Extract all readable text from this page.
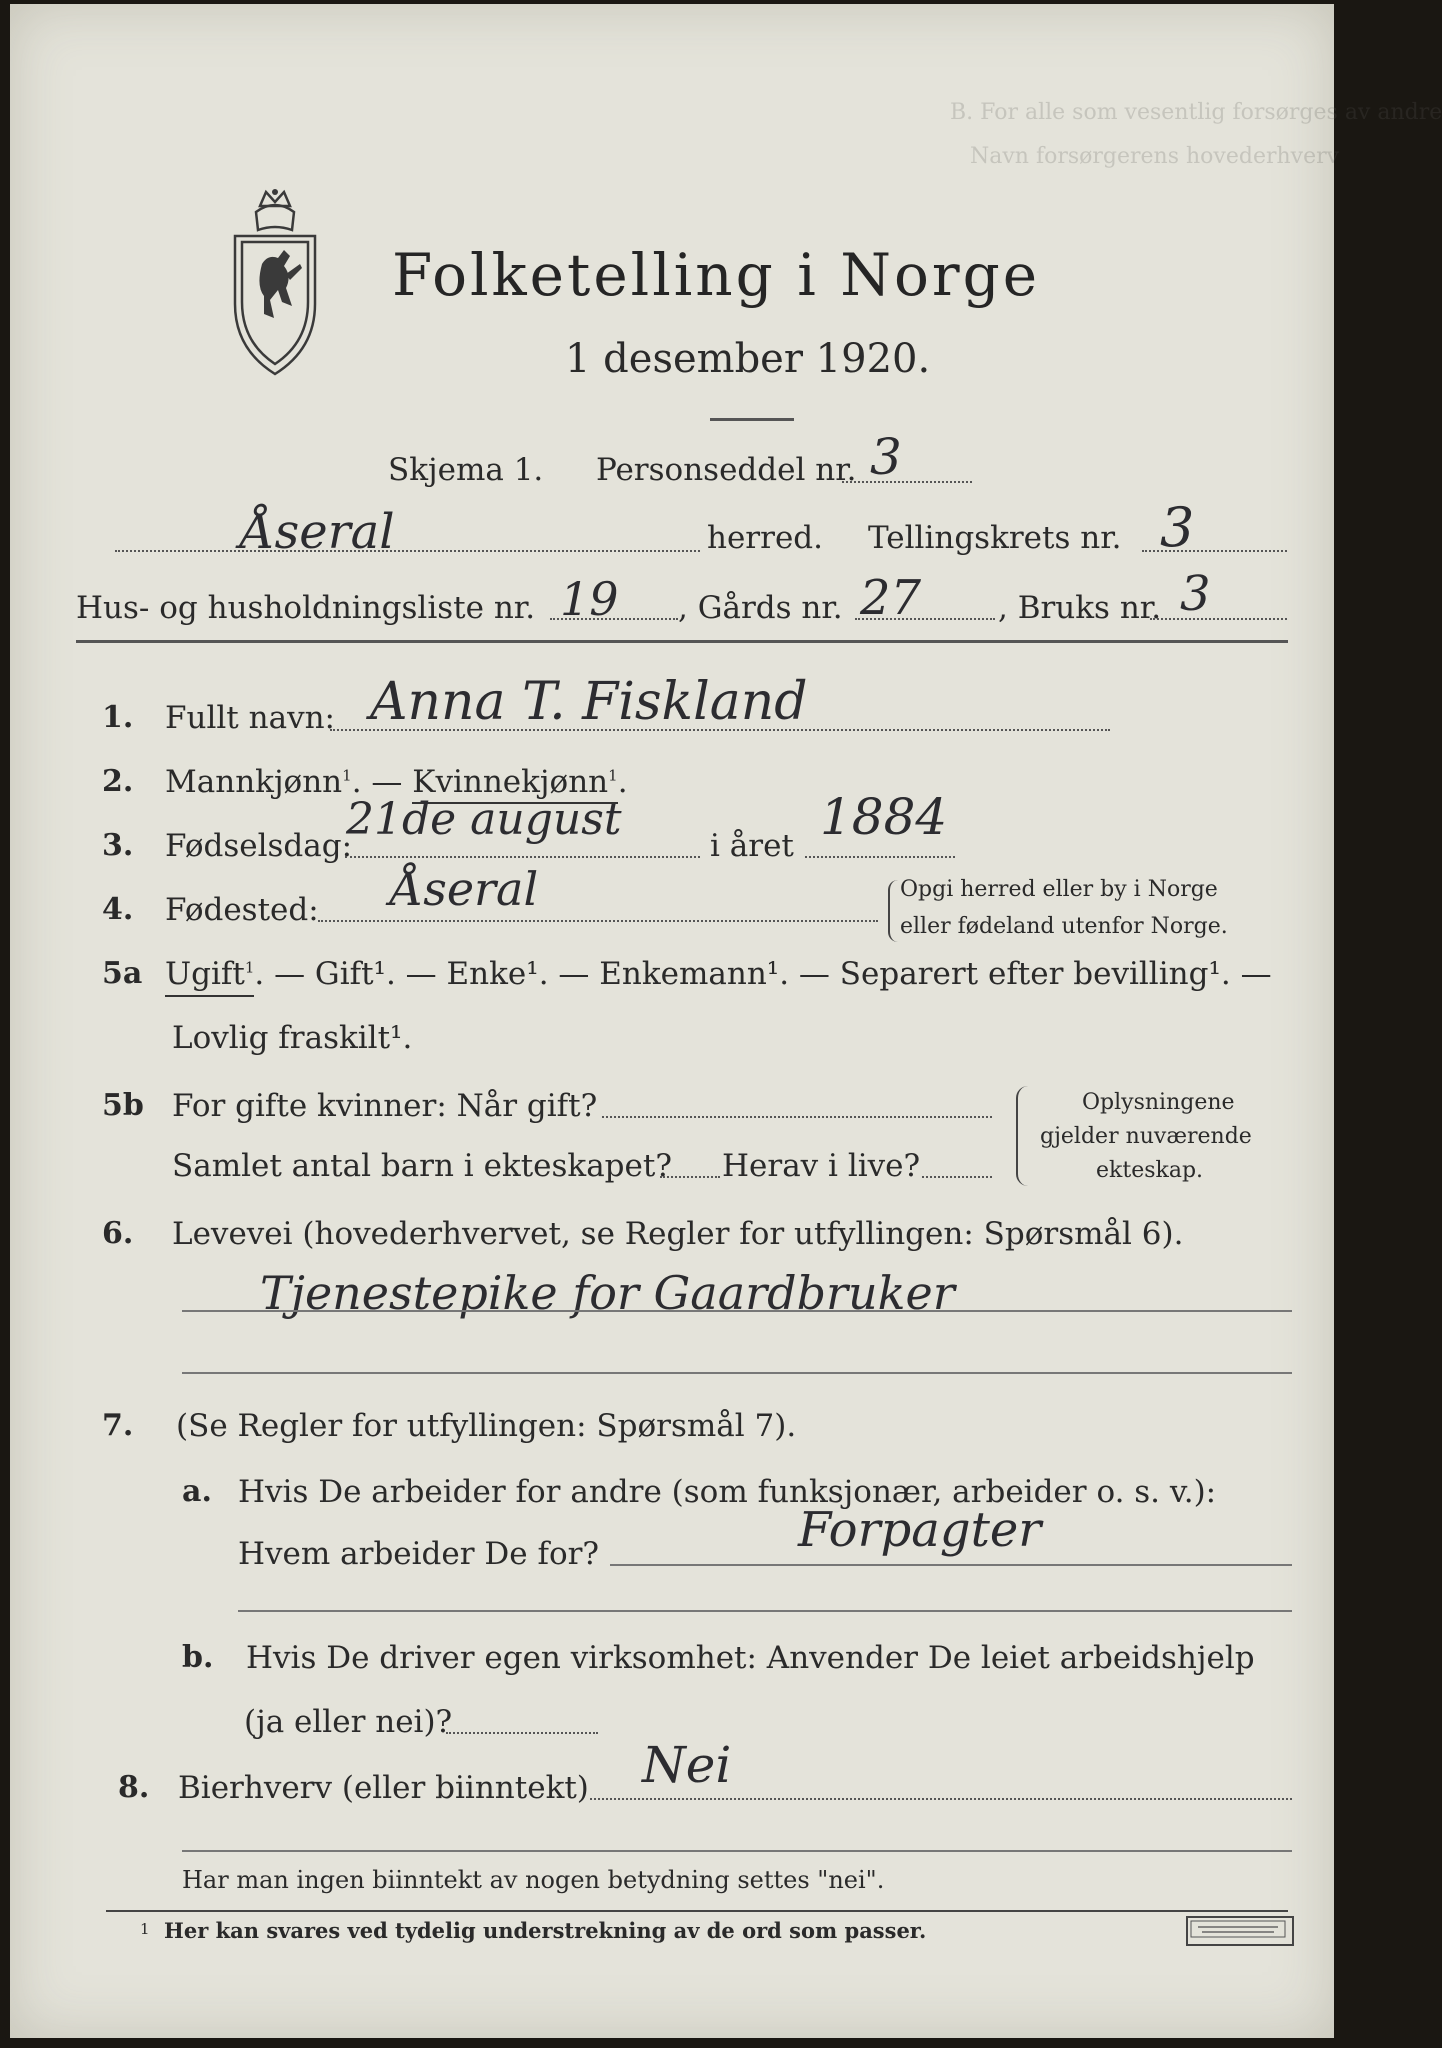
B. For alle som vesentlig forsørges av andre
Navn forsørgerens hovederhverv
Folketelling i Norge
1 desember 1920.
Skjema 1. Personseddel nr. 3
Åseral	herred. Tellingskrets nr. 3
Hus- og husholdningsliste nr. 19 , Gårds nr. 27 , Bruks nr. 3
1. Fullt navn: Anna T. Fiskland
2. Mannkjønn$^1$. — Kvinnekjønn$^1$.
3. Fødselsdag:
21de august
i året 1884
4. Fødested: Åseral	Opgi herred eller by i Norge
eller fødeland utenfor Norge.
5a Ugift$^1$. — Gift¹. — Enke¹. — Enkemann¹. — Separert efter bevilling¹. —
Lovlig fraskilt¹.
5b For gifte kvinner: Når gift?
Samlet antal barn i ekteskapet? Herav i live?
Oplysningene
gjelder nuværende
ekteskap.
6. Levevei (hovederhvervet, se Regler for utfyllingen: Spørsmål 6).
Tjenestepike for Gaardbruker
7. (Se Regler for utfyllingen: Spørsmål 7).
a. Hvis De arbeider for andre (som funksjonær, arbeider o. s. v.):
Hvem arbeider De for?	Forpagter
b. Hvis De driver egen virksomhet: Anvender De leiet arbeidshjelp
(ja eller nei)?
8. Bierhverv (eller biinntekt) Nei
Har man ingen biinntekt av nogen betydning settes "nei".
1 Her kan svares ved tydelig understrekning av de ord som passer.
